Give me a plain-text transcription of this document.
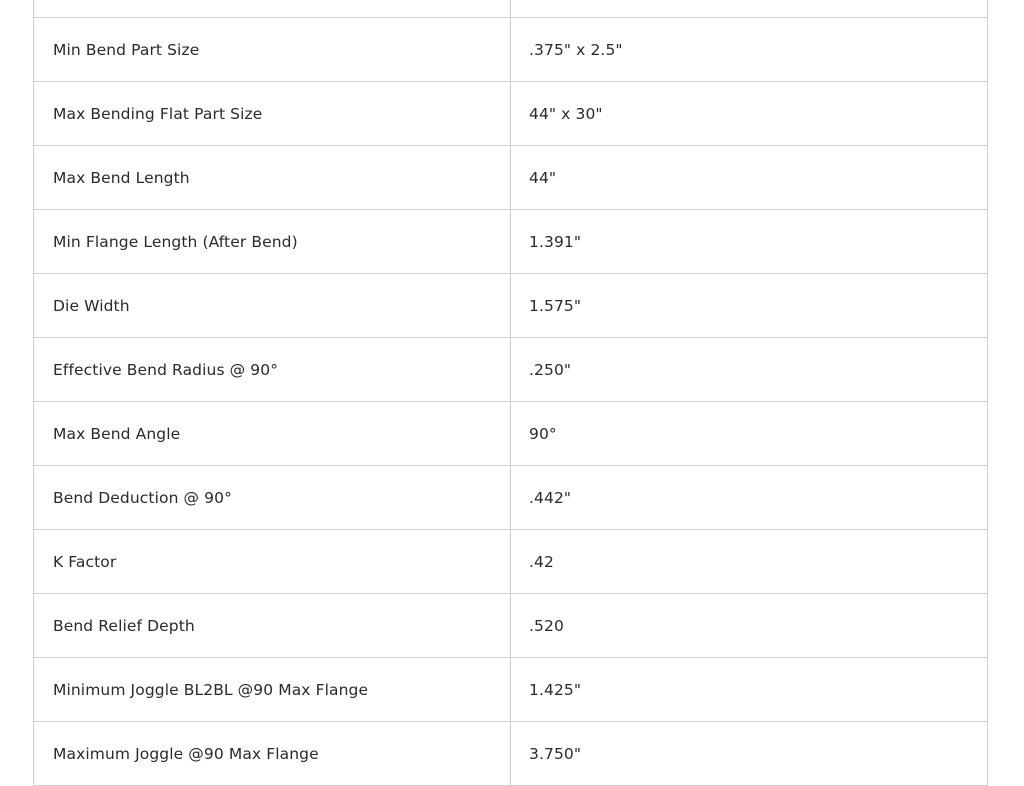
Min Bend Part Size	.375" x 2.5"
Max Bending Flat Part Size	44" x 30"
Max Bend Length	44"
Min Flange Length (After Bend)	1.391"
Die Width	1.575"
Effective Bend Radius @ 90°	.250"
Max Bend Angle	90°
Bend Deduction @ 90°	.442"
K Factor	.42
Bend Relief Depth	.520
Minimum Joggle BL2BL @90 Max Flange	1.425"
Maximum Joggle @90 Max Flange	3.750"
